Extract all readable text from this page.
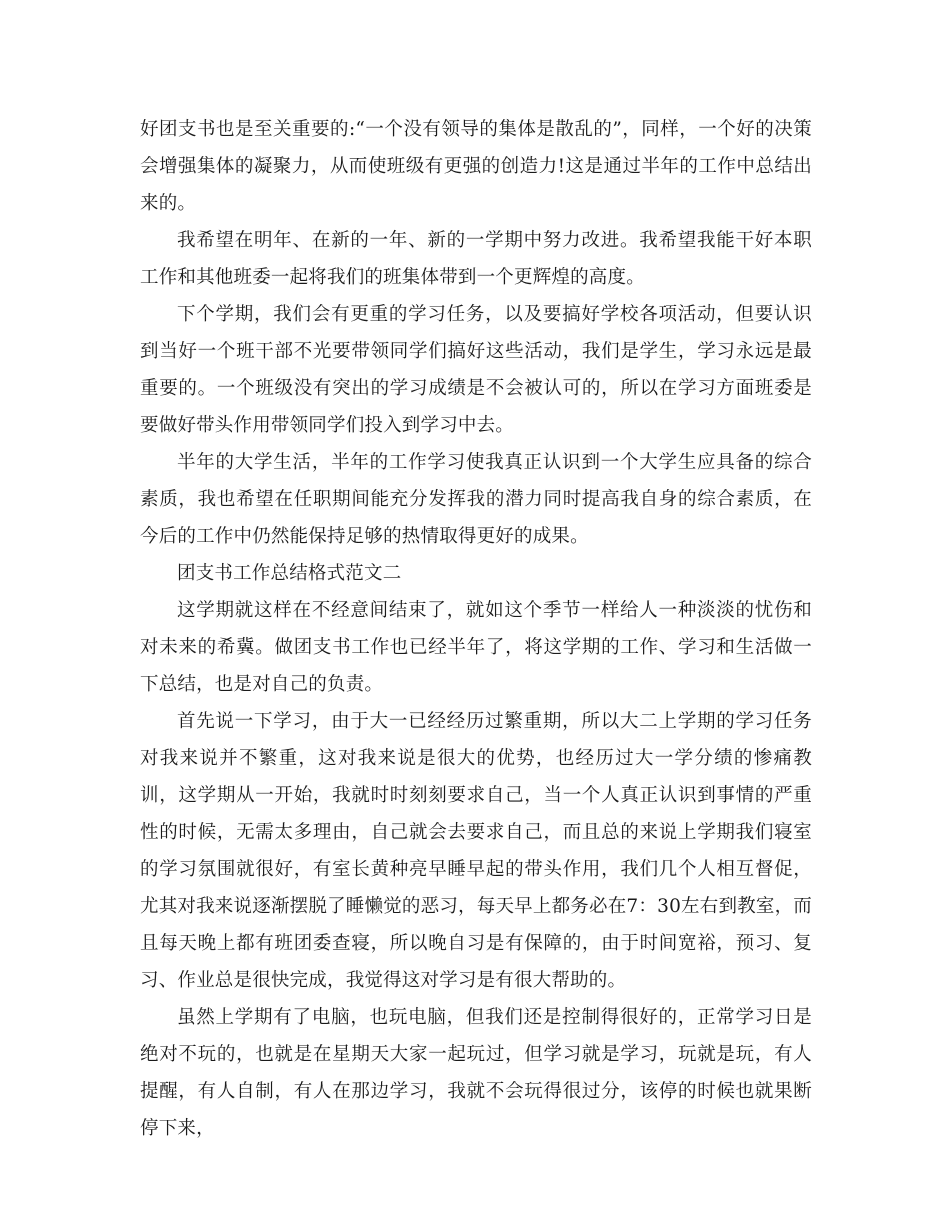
好团支书也是至关重要的:“一个没有领导的集体是散乱的”，同样，一个好的决策会增强集体的凝聚力，从而使班级有更强的创造力!这是通过半年的工作中总结出来的。

我希望在明年、在新的一年、新的一学期中努力改进。我希望我能干好本职工作和其他班委一起将我们的班集体带到一个更辉煌的高度。

下个学期，我们会有更重的学习任务，以及要搞好学校各项活动，但要认识到当好一个班干部不光要带领同学们搞好这些活动，我们是学生，学习永远是最重要的。一个班级没有突出的学习成绩是不会被认可的，所以在学习方面班委是要做好带头作用带领同学们投入到学习中去。

半年的大学生活，半年的工作学习使我真正认识到一个大学生应具备的综合素质，我也希望在任职期间能充分发挥我的潜力同时提高我自身的综合素质，在今后的工作中仍然能保持足够的热情取得更好的成果。

团支书工作总结格式范文二

这学期就这样在不经意间结束了，就如这个季节一样给人一种淡淡的忧伤和对未来的希冀。做团支书工作也已经半年了，将这学期的工作、学习和生活做一下总结，也是对自己的负责。

首先说一下学习，由于大一已经经历过繁重期，所以大二上学期的学习任务对我来说并不繁重，这对我来说是很大的优势，也经历过大一学分绩的惨痛教训，这学期从一开始，我就时时刻刻要求自己，当一个人真正认识到事情的严重性的时候，无需太多理由，自己就会去要求自己，而且总的来说上学期我们寝室的学习氛围就很好，有室长黄种亮早睡早起的带头作用，我们几个人相互督促，尤其对我来说逐渐摆脱了睡懒觉的恶习，每天早上都务必在7：30左右到教室，而且每天晚上都有班团委查寝，所以晚自习是有保障的，由于时间宽裕，预习、复习、作业总是很快完成，我觉得这对学习是有很大帮助的。

虽然上学期有了电脑，也玩电脑，但我们还是控制得很好的，正常学习日是绝对不玩的，也就是在星期天大家一起玩过，但学习就是学习，玩就是玩，有人提醒，有人自制，有人在那边学习，我就不会玩得很过分，该停的时候也就果断停下来，
